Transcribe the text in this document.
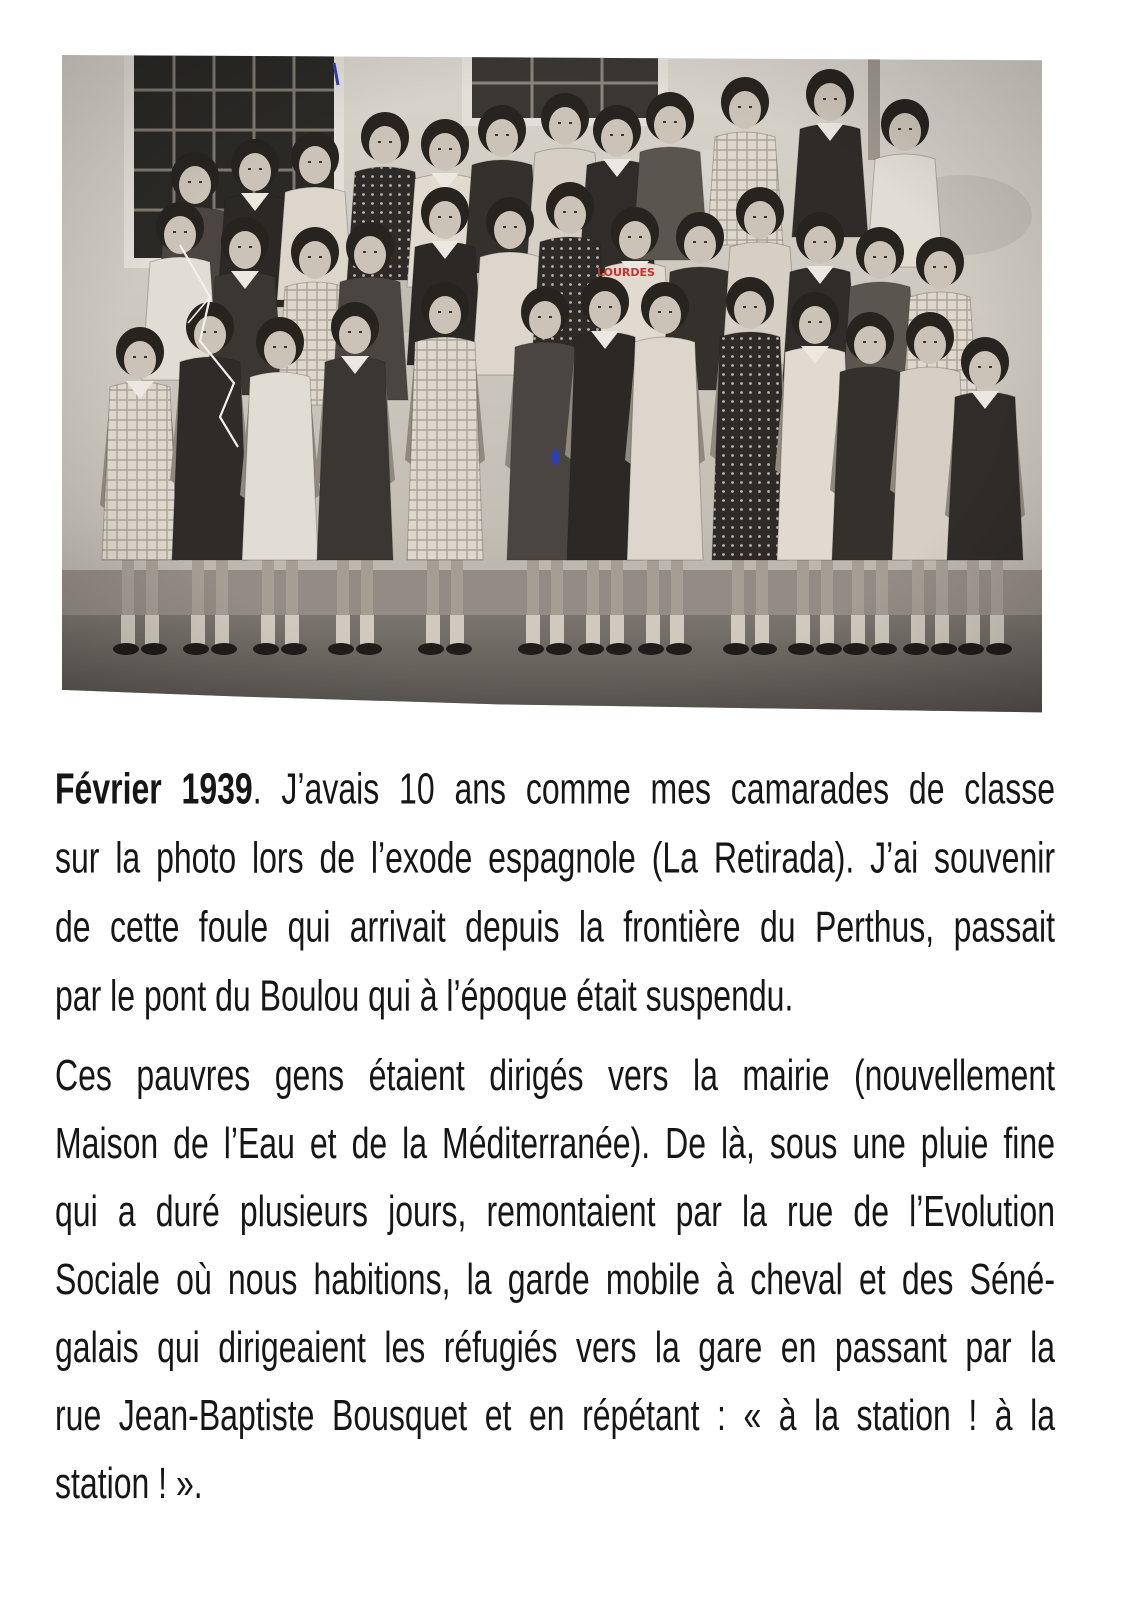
Février 1939. J’avais 10 ans comme mes camarades de classe
sur la photo lors de l’exode espagnole (La Retirada). J’ai souvenir
de cette foule qui arrivait depuis la frontière du Perthus, passait
par le pont du Boulou qui à l’époque était suspendu.
Ces pauvres gens étaient dirigés vers la mairie (nouvellement
Maison de l’Eau et de la Méditerranée). De là, sous une pluie fine
qui a duré plusieurs jours, remontaient par la rue de l’Evolution
Sociale où nous habitions, la garde mobile à cheval et des Séné-
galais qui dirigeaient les réfugiés vers la gare en passant par la
rue Jean-Baptiste Bousquet et en répétant : « à la station ! à la
station ! ».
